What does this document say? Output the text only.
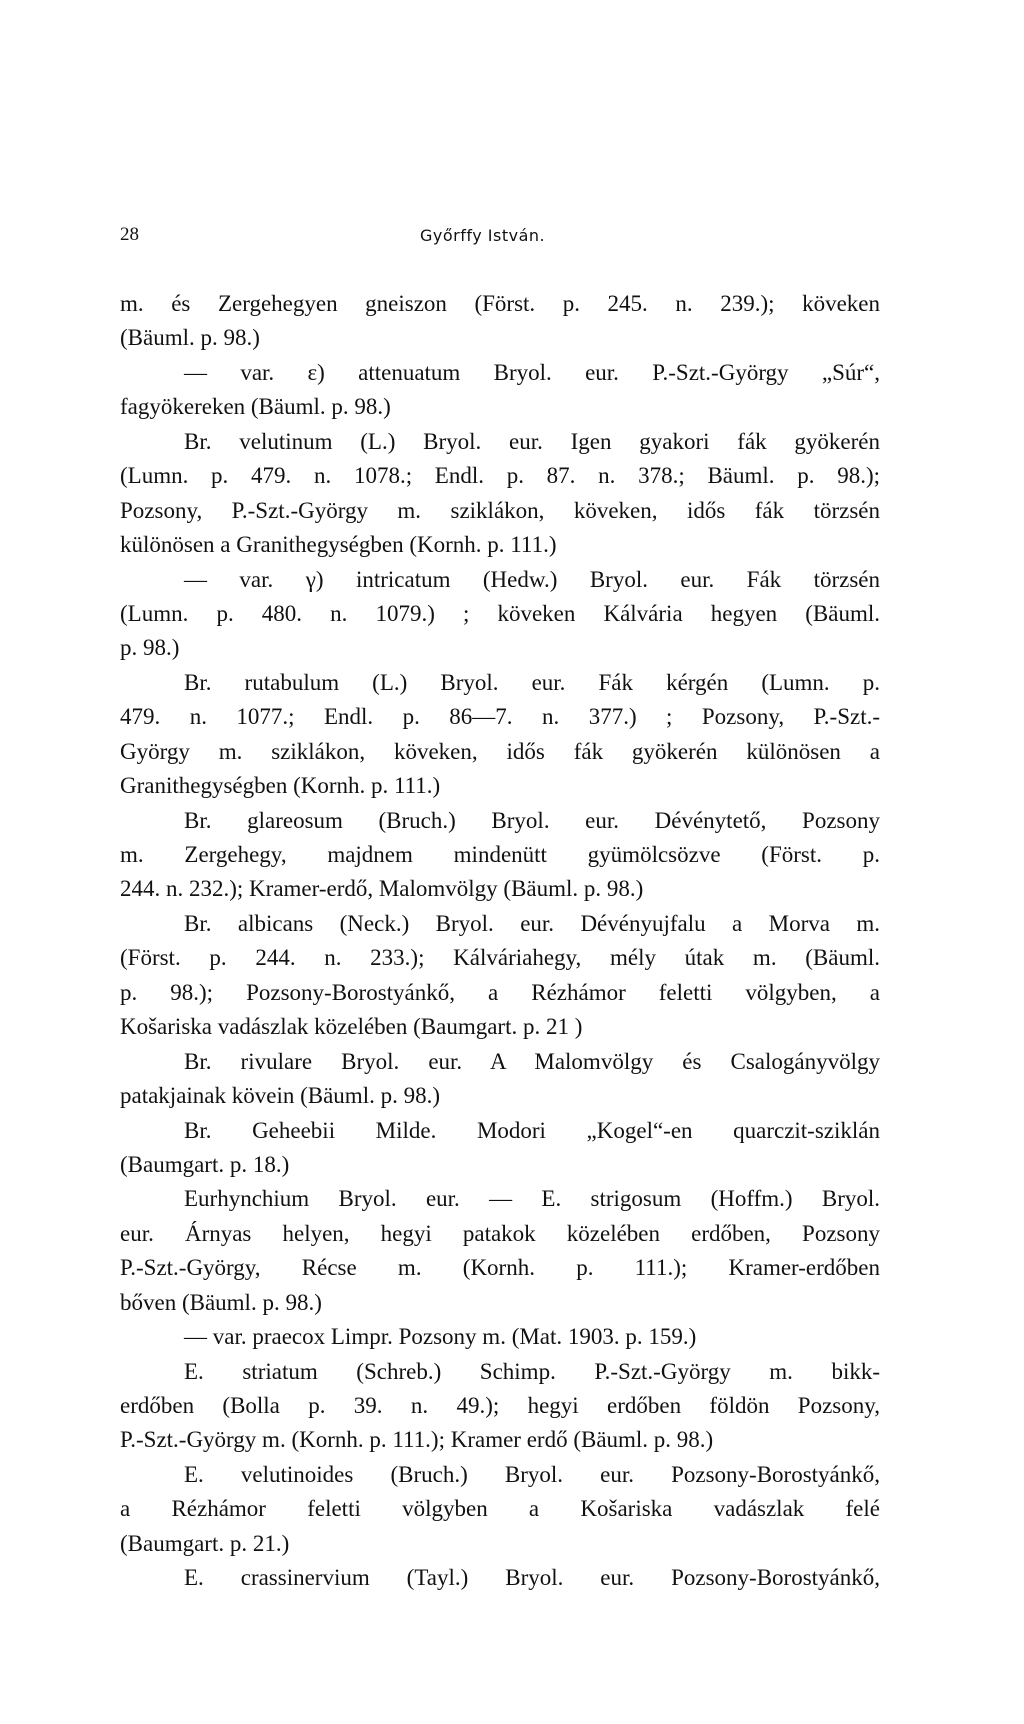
28	Győrffy István.
m. és Zergehegyen gneiszon (Först. p. 245. n. 239.); köveken
(Bäuml. p. 98.)
— var. ε) attenuatum Bryol. eur. P.-Szt.-György „Súr“,
fagyökereken (Bäuml. p. 98.)
Br. velutinum (L.) Bryol. eur. Igen gyakori fák gyökerén
(Lumn. p. 479. n. 1078.; Endl. p. 87. n. 378.; Bäuml. p. 98.);
Pozsony, P.-Szt.-György m. sziklákon, köveken, idős fák törzsén
különösen a Granithegységben (Kornh. p. 111.)
— var. γ) intricatum (Hedw.) Bryol. eur. Fák törzsén
(Lumn. p. 480. n. 1079.) ; köveken Kálvária hegyen (Bäuml.
p. 98.)
Br. rutabulum (L.) Bryol. eur. Fák kérgén (Lumn. p.
479. n. 1077.; Endl. p. 86—7. n. 377.) ; Pozsony, P.-Szt.-
György m. sziklákon, köveken, idős fák gyökerén különösen a
Granithegységben (Kornh. p. 111.)
Br. glareosum (Bruch.) Bryol. eur. Dévénytető, Pozsony
m. Zergehegy, majdnem mindenütt gyümölcsözve (Först. p.
244. n. 232.); Kramer-erdő, Malomvölgy (Bäuml. p. 98.)
Br. albicans (Neck.) Bryol. eur. Dévényujfalu a Morva m.
(Först. p. 244. n. 233.); Kálváriahegy, mély útak m. (Bäuml.
p. 98.); Pozsony-Borostyánkő, a Rézhámor feletti völgyben, a
Košariska vadászlak közelében (Baumgart. p. 21 )
Br. rivulare Bryol. eur. A Malomvölgy és Csalogányvölgy
patakjainak kövein (Bäuml. p. 98.)
Br. Geheebii Milde. Modori „Kogel“-en quarczit-sziklán
(Baumgart. p. 18.)
Eurhynchium Bryol. eur. — E. strigosum (Hoffm.) Bryol.
eur. Árnyas helyen, hegyi patakok közelében erdőben, Pozsony
P.-Szt.-György, Récse m. (Kornh. p. 111.); Kramer-erdőben
bőven (Bäuml. p. 98.)
— var. praecox Limpr. Pozsony m. (Mat. 1903. p. 159.)
E. striatum (Schreb.) Schimp. P.-Szt.-György m. bikk-
erdőben (Bolla p. 39. n. 49.); hegyi erdőben földön Pozsony,
P.-Szt.-György m. (Kornh. p. 111.); Kramer erdő (Bäuml. p. 98.)
E. velutinoides (Bruch.) Bryol. eur. Pozsony-Borostyánkő,
a Rézhámor feletti völgyben a Košariska vadászlak felé
(Baumgart. p. 21.)
E. crassinervium (Tayl.) Bryol. eur. Pozsony-Borostyánkő,
